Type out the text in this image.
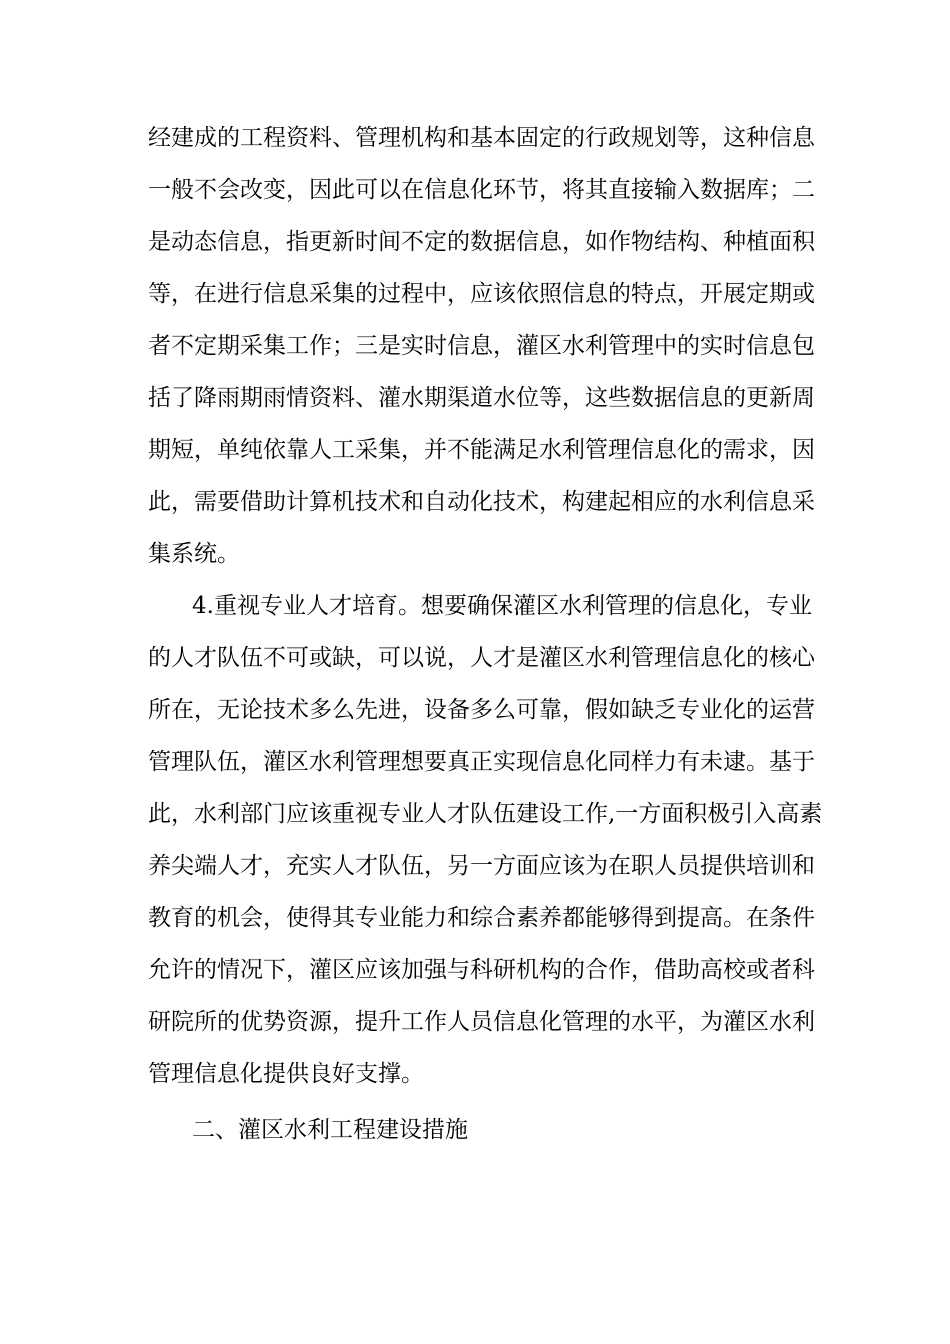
经建成的工程资料、管理机构和基本固定的行政规划等，这种信息
一般不会改变，因此可以在信息化环节，将其直接输入数据库；二
是动态信息，指更新时间不定的数据信息，如作物结构、种植面积
等，在进行信息采集的过程中，应该依照信息的特点，开展定期或
者不定期采集工作；三是实时信息，灌区水利管理中的实时信息包
括了降雨期雨情资料、灌水期渠道水位等，这些数据信息的更新周
期短，单纯依靠人工采集，并不能满足水利管理信息化的需求，因
此，需要借助计算机技术和自动化技术，构建起相应的水利信息采
集系统。
4.重视专业人才培育。想要确保灌区水利管理的信息化，专业
的人才队伍不可或缺，可以说，人才是灌区水利管理信息化的核心
所在，无论技术多么先进，设备多么可靠，假如缺乏专业化的运营
管理队伍，灌区水利管理想要真正实现信息化同样力有未逮。基于
此，水利部门应该重视专业人才队伍建设工作,一方面积极引入高素
养尖端人才，充实人才队伍，另一方面应该为在职人员提供培训和
教育的机会，使得其专业能力和综合素养都能够得到提高。在条件
允许的情况下，灌区应该加强与科研机构的合作，借助高校或者科
研院所的优势资源，提升工作人员信息化管理的水平，为灌区水利
管理信息化提供良好支撑。
二、灌区水利工程建设措施
